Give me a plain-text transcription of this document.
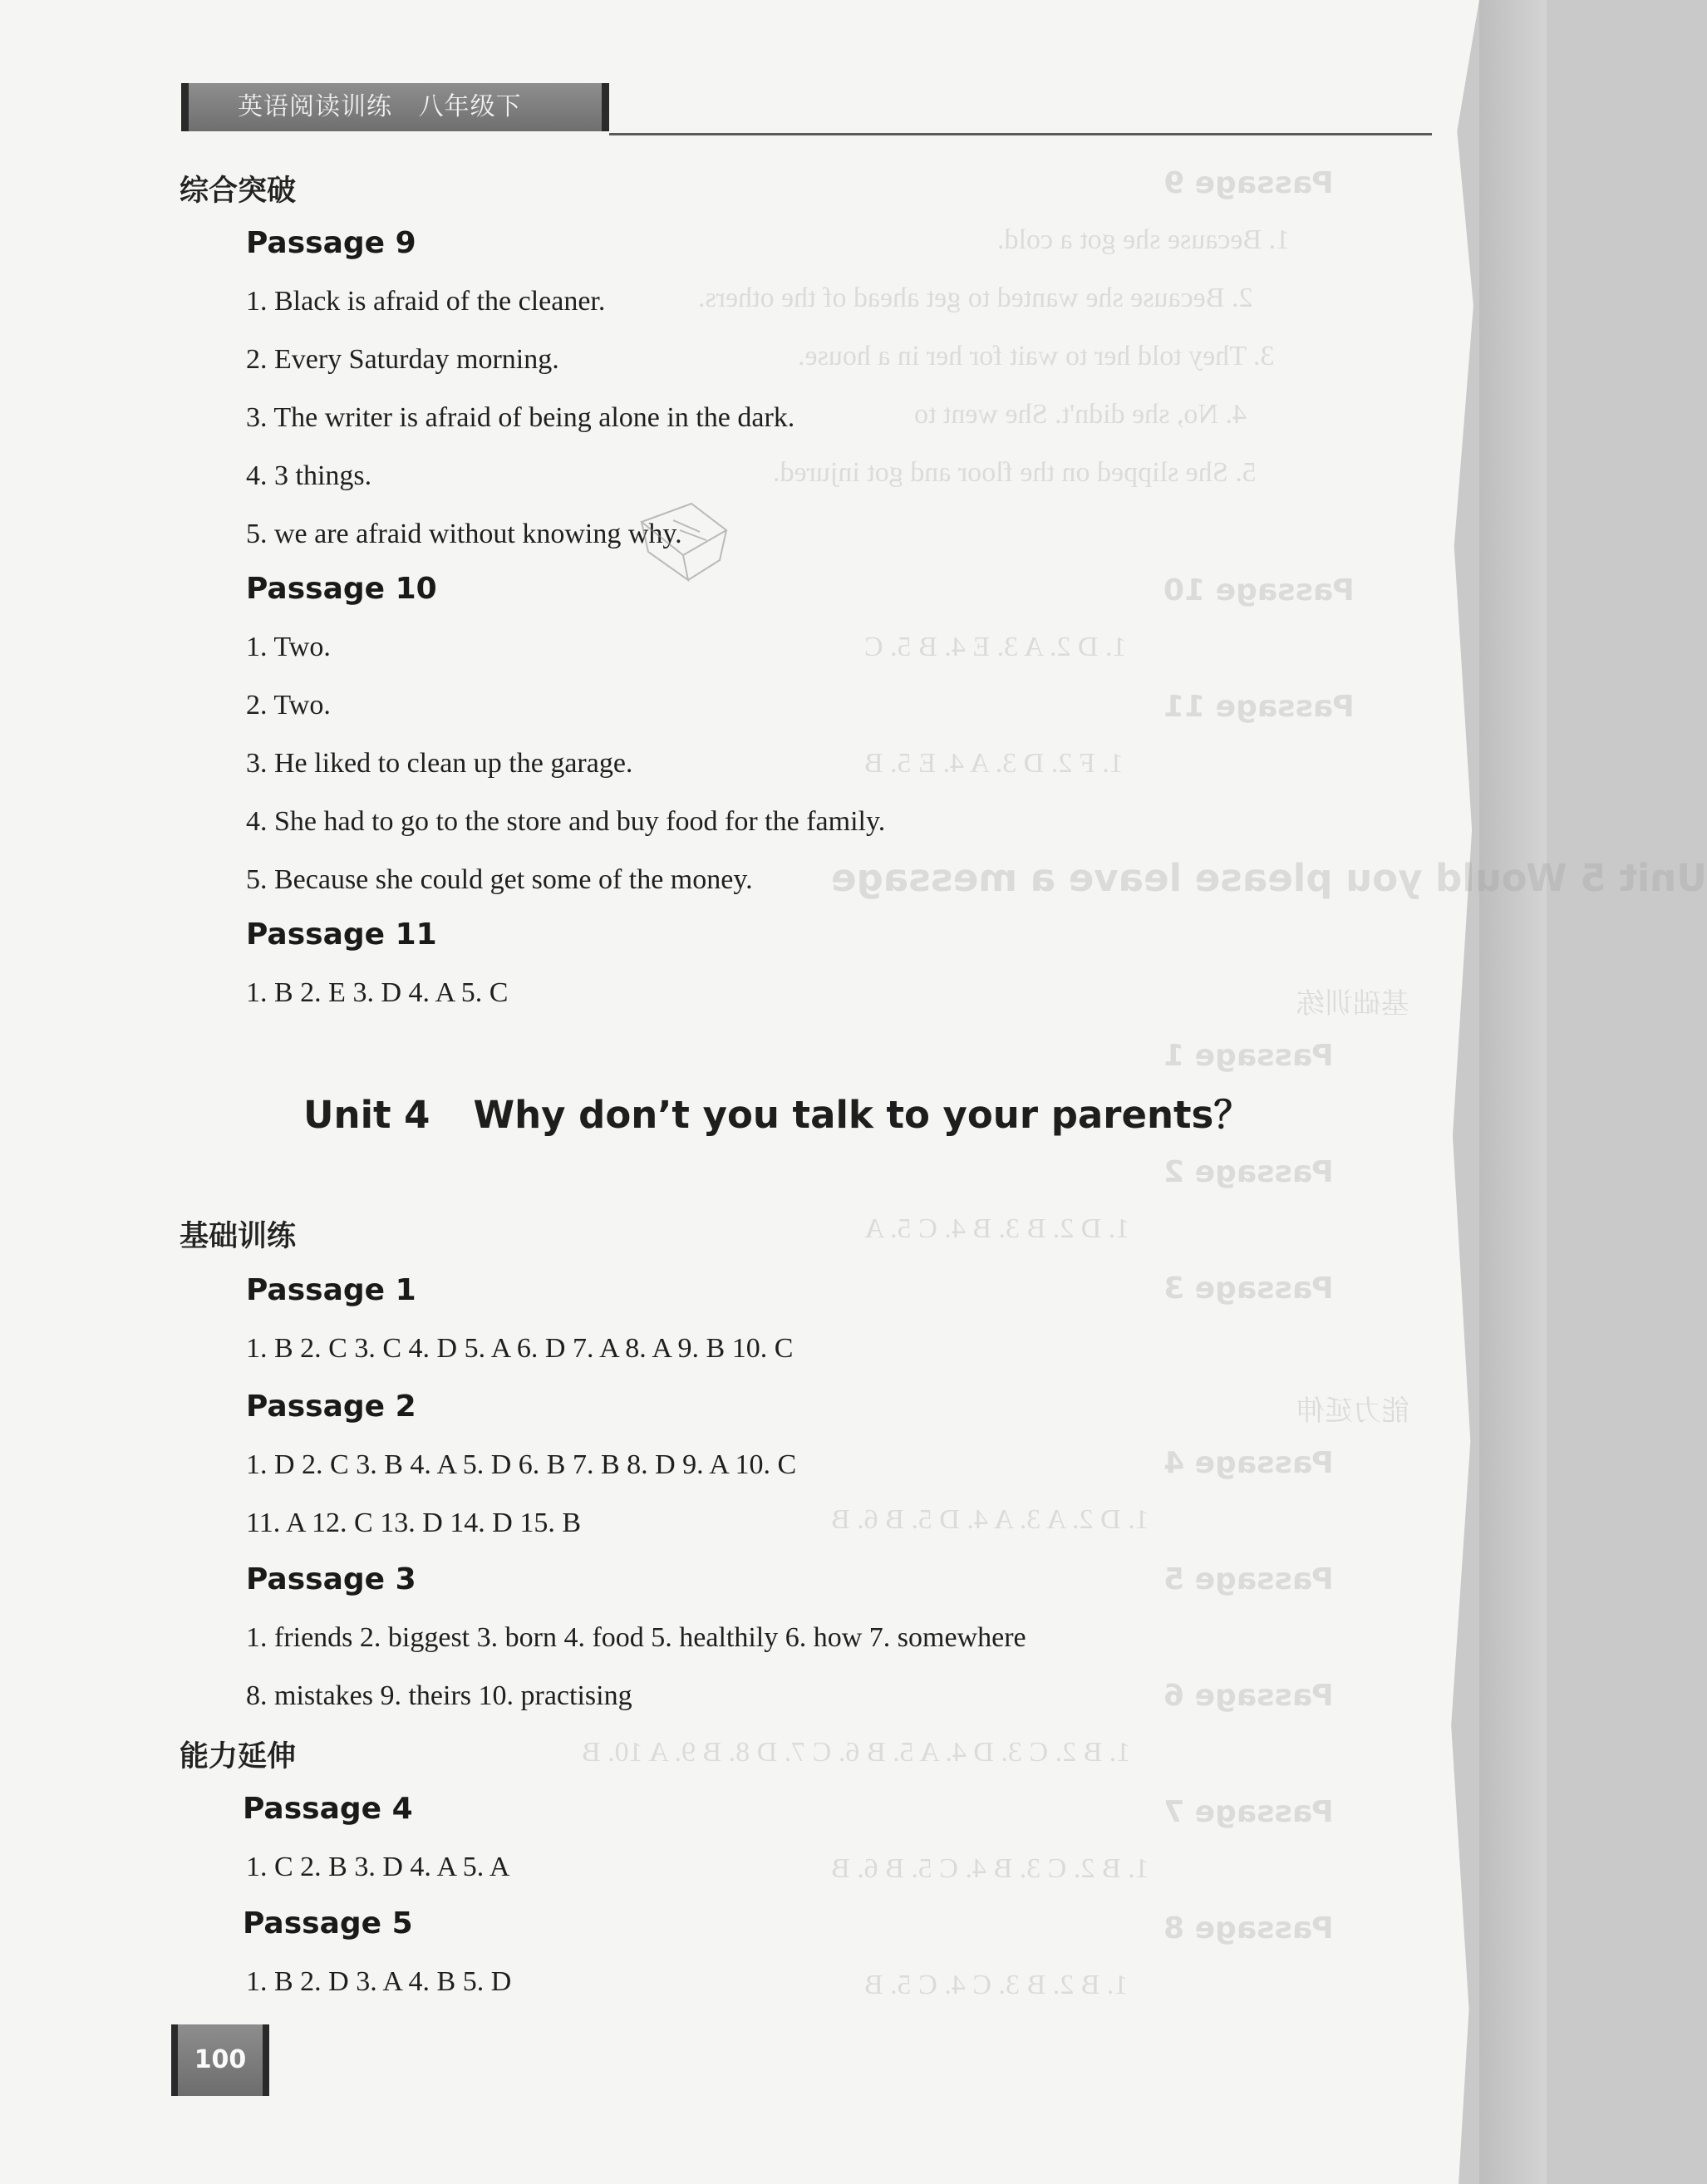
Passage 9
1. Because she got a cold.
2. Because she wanted to get ahead of the others.
3. They told her to wait for her in a house.
4. No, she didn't. She went to
5. She slipped on the floor and got injured.
Passage 10
1. D 2. A 3. E 4. B 5. C
Passage 11
1. F 2. D 3. A 4. E 5. B
Unit 5 Would you please leave a message
基础训练
Passage 1
Passage 2
1. D 2. B 3. B 4. C 5. A
Passage 3
能力延伸
Passage 4
1. D 2. A 3. A 4. D 5. B 6. B
Passage 5
Passage 6
1. B 2. C 3. D 4. A 5. B 6. C 7. D 8. B 9. A 10. B
Passage 7
1. B 2. C 3. B 4. C 5. B 6. B
Passage 8
1. B 2. B 3. C 4. C 5. B
英语阅读训练   八年级下
综合突破
Passage 9
1. Black is afraid of the cleaner.
2. Every Saturday morning.
3. The writer is afraid of being alone in the dark.
4. 3 things.
5. we are afraid without knowing why.
Passage 10
1. Two.
2. Two.
3. He liked to clean up the garage.
4. She had to go to the store and buy food for the family.
5. Because she could get some of the money.
Passage 11
1. B 2. E 3. D 4. A 5. C
Unit 4 Why don’t you talk to your parents？
基础训练
Passage 1
1. B 2. C 3. C 4. D 5. A 6. D 7. A 8. A 9. B 10. C
Passage 2
1. D 2. C 3. B 4. A 5. D 6. B 7. B 8. D 9. A 10. C
11. A 12. C 13. D 14. D 15. B
Passage 3
1. friends 2. biggest 3. born 4. food 5. healthily 6. how 7. somewhere
8. mistakes 9. theirs 10. practising
能力延伸
Passage 4
1. C 2. B 3. D 4. A 5. A
Passage 5
1. B 2. D 3. A 4. B 5. D
100
